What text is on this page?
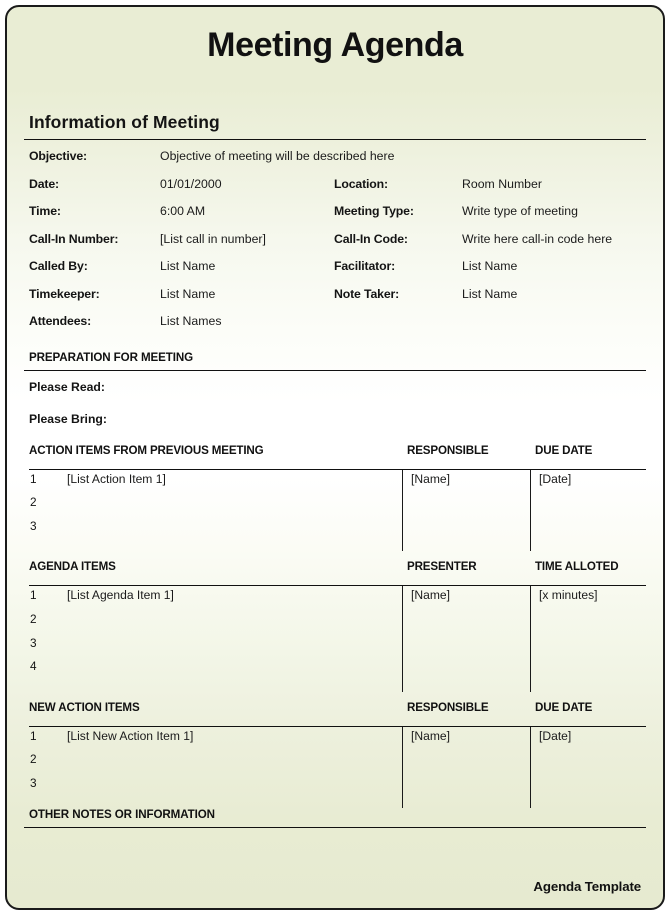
Meeting Agenda
Information of Meeting
Objective:	Objective of meeting will be described here
Date:	01/01/2000	Location:	Room Number
Time:	6:00 AM	Meeting Type:	Write type of meeting
Call-In Number:	[List call in number]	Call-In Code:	Write here call-in code here
Called By:	List Name	Facilitator:	List Name
Timekeeper:	List Name	Note Taker:	List Name
Attendees:	List Names
PREPARATION FOR MEETING
Please Read:
Please Bring:
ACTION ITEMS FROM PREVIOUS MEETING	RESPONSIBLE	DUE DATE
1	[List Action Item 1]	[Name]	[Date]
2
3
AGENDA ITEMS	PRESENTER	TIME ALLOTED
1	[List Agenda Item 1]	[Name]	[x minutes]
2
3
4
NEW ACTION ITEMS	RESPONSIBLE	DUE DATE
1	[List New Action Item 1]	[Name]	[Date]
2
3
OTHER NOTES OR INFORMATION
Agenda Template
